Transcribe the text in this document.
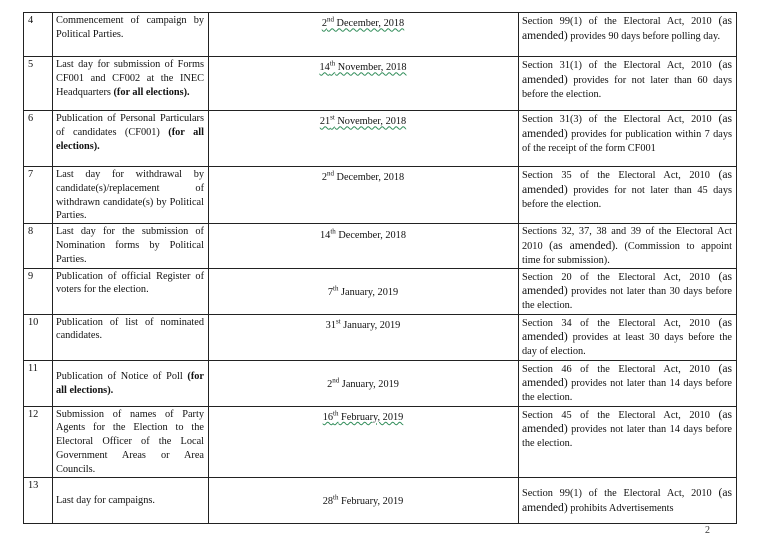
4	Commencement of campaign by Political Parties.	2nd December, 2018	Section 99(1) of the Electoral Act, 2010 (as amended) provides 90 days before polling day.
5	Last day for submission of Forms CF001 and CF002 at the INEC Headquarters (for all elections).	14th November, 2018	Section 31(1) of the Electoral Act, 2010 (as amended) provides for not later than 60 days before the election.
6	Publication of Personal Particulars of candidates (CF001) (for all elections).	21st November, 2018	Section 31(3) of the Electoral Act, 2010 (as amended) provides for publication within 7 days of the receipt of the form CF001
7	Last day for withdrawal by candidate(s)/replacement of withdrawn candidate(s) by Political Parties.	2nd December, 2018	Section 35 of the Electoral Act, 2010 (as amended) provides for not later than 45 days before the election.
8	Last day for the submission of Nomination forms by Political Parties.	14th December, 2018	Sections 32, 37, 38 and 39 of the Electoral Act 2010 (as amended). (Commission to appoint time for submission).
9	Publication of official Register of voters for the election.	7th January, 2019	Section 20 of the Electoral Act, 2010 (as amended) provides not later than 30 days before the election.
10	Publication of list of nominated candidates.	31st January, 2019	Section 34 of the Electoral Act, 2010 (as amended) provides at least 30 days before the day of election.
11	Publication of Notice of Poll (for all elections).	2nd January, 2019	Section 46 of the Electoral Act, 2010 (as amended) provides not later than 14 days before the election.
12	Submission of names of Party Agents for the Election to the Electoral Officer of the Local Government Areas or Area Councils.	16th February, 2019	Section 45 of the Electoral Act, 2010 (as amended) provides not later than 14 days before the election.
13	Last day for campaigns.	28th February, 2019	Section 99(1) of the Electoral Act, 2010 (as amended) prohibits Advertisements
2
